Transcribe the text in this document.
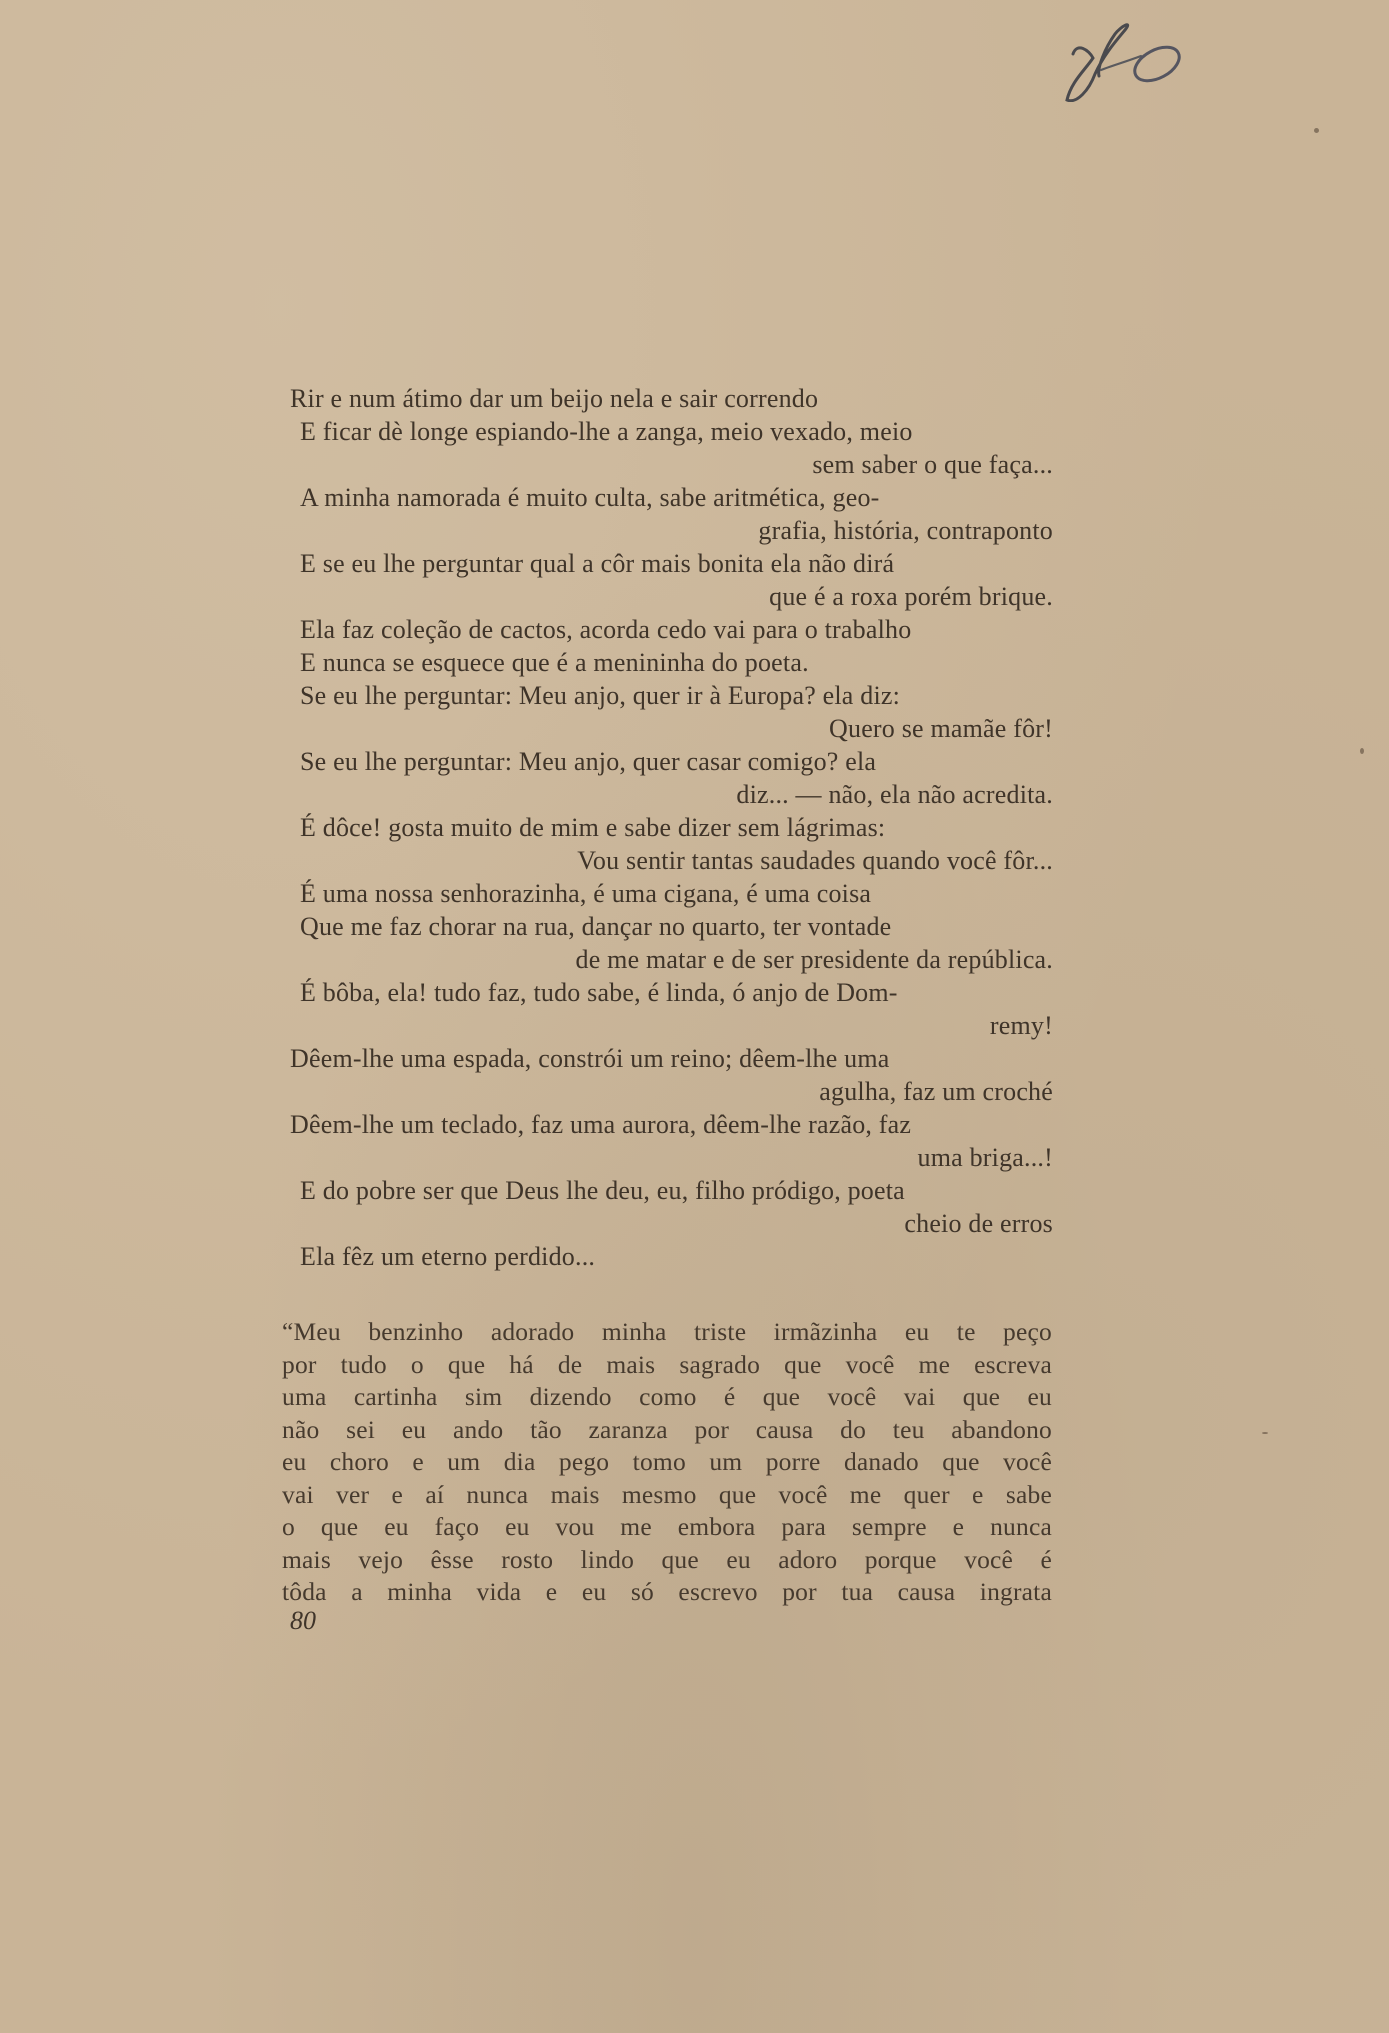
Rir e num átimo dar um beijo nela e sair correndo
E ficar dè longe espiando-lhe a zanga, meio vexado, meio
sem saber o que faça...
A minha namorada é muito culta, sabe aritmética, geo-
grafia, história, contraponto
E se eu lhe perguntar qual a côr mais bonita ela não dirá
que é a roxa porém brique.
Ela faz coleção de cactos, acorda cedo vai para o trabalho
E nunca se esquece que é a menininha do poeta.
Se eu lhe perguntar: Meu anjo, quer ir à Europa? ela diz:
Quero se mamãe fôr!
Se eu lhe perguntar: Meu anjo, quer casar comigo? ela
diz... — não, ela não acredita.
É dôce! gosta muito de mim e sabe dizer sem lágrimas:
Vou sentir tantas saudades quando você fôr...
É uma nossa senhorazinha, é uma cigana, é uma coisa
Que me faz chorar na rua, dançar no quarto, ter vontade
de me matar e de ser presidente da república.
É bôba, ela! tudo faz, tudo sabe, é linda, ó anjo de Dom-
remy!
Dêem-lhe uma espada, constrói um reino; dêem-lhe uma
agulha, faz um croché
Dêem-lhe um teclado, faz uma aurora, dêem-lhe razão, faz
uma briga...!
E do pobre ser que Deus lhe deu, eu, filho pródigo, poeta
cheio de erros
Ela fêz um eterno perdido...
“Meu benzinho adorado minha triste irmãzinha eu te peço
por tudo o que há de mais sagrado que você me escreva
uma cartinha sim dizendo como é que você vai que eu
não sei eu ando tão zaranza por causa do teu abandono
eu choro e um dia pego tomo um porre danado que você
vai ver e aí nunca mais mesmo que você me quer e sabe
o que eu faço eu vou me embora para sempre e nunca
mais vejo êsse rosto lindo que eu adoro porque você é
tôda a minha vida e eu só escrevo por tua causa ingrata
80
